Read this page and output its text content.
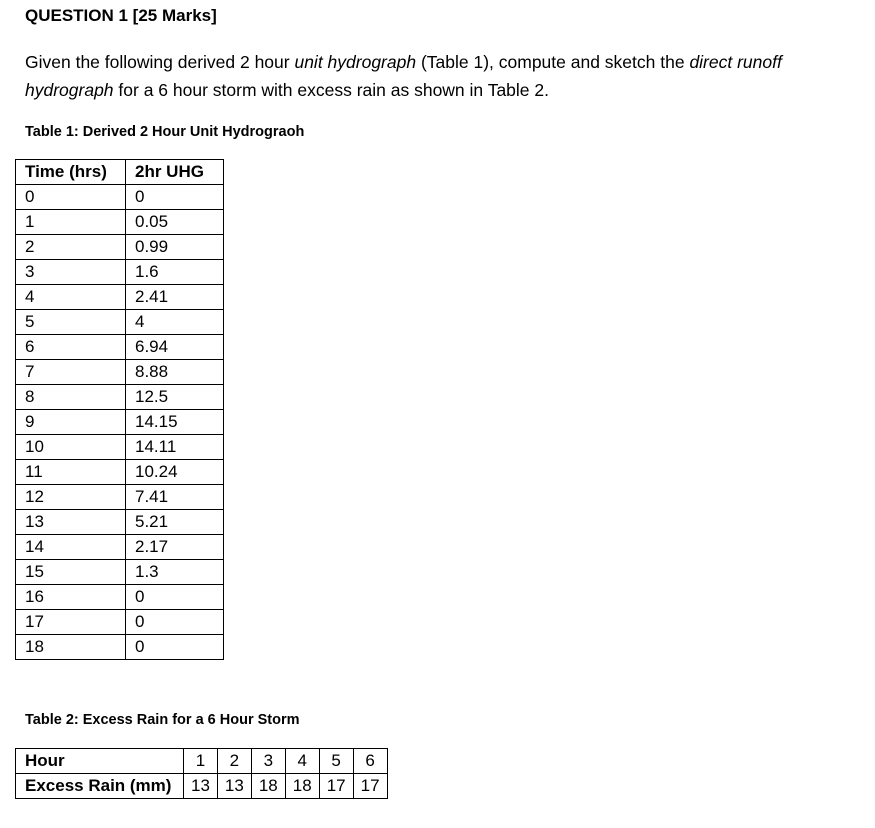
QUESTION 1 [25 Marks]
Given the following derived 2 hour unit hydrograph (Table 1), compute and sketch the direct runoff hydrograph for a 6 hour storm with excess rain as shown in Table 2.
Table 1: Derived 2 Hour Unit Hydrograoh
Time (hrs)	2hr UHG
0	0
1	0.05
2	0.99
3	1.6
4	2.41
5	4
6	6.94
7	8.88
8	12.5
9	14.15
10	14.11
11	10.24
12	7.41
13	5.21
14	2.17
15	1.3
16	0
17	0
18	0
Table 2: Excess Rain for a 6 Hour Storm
Hour	1	2	3	4	5	6
Excess Rain (mm)	13	13	18	18	17	17
